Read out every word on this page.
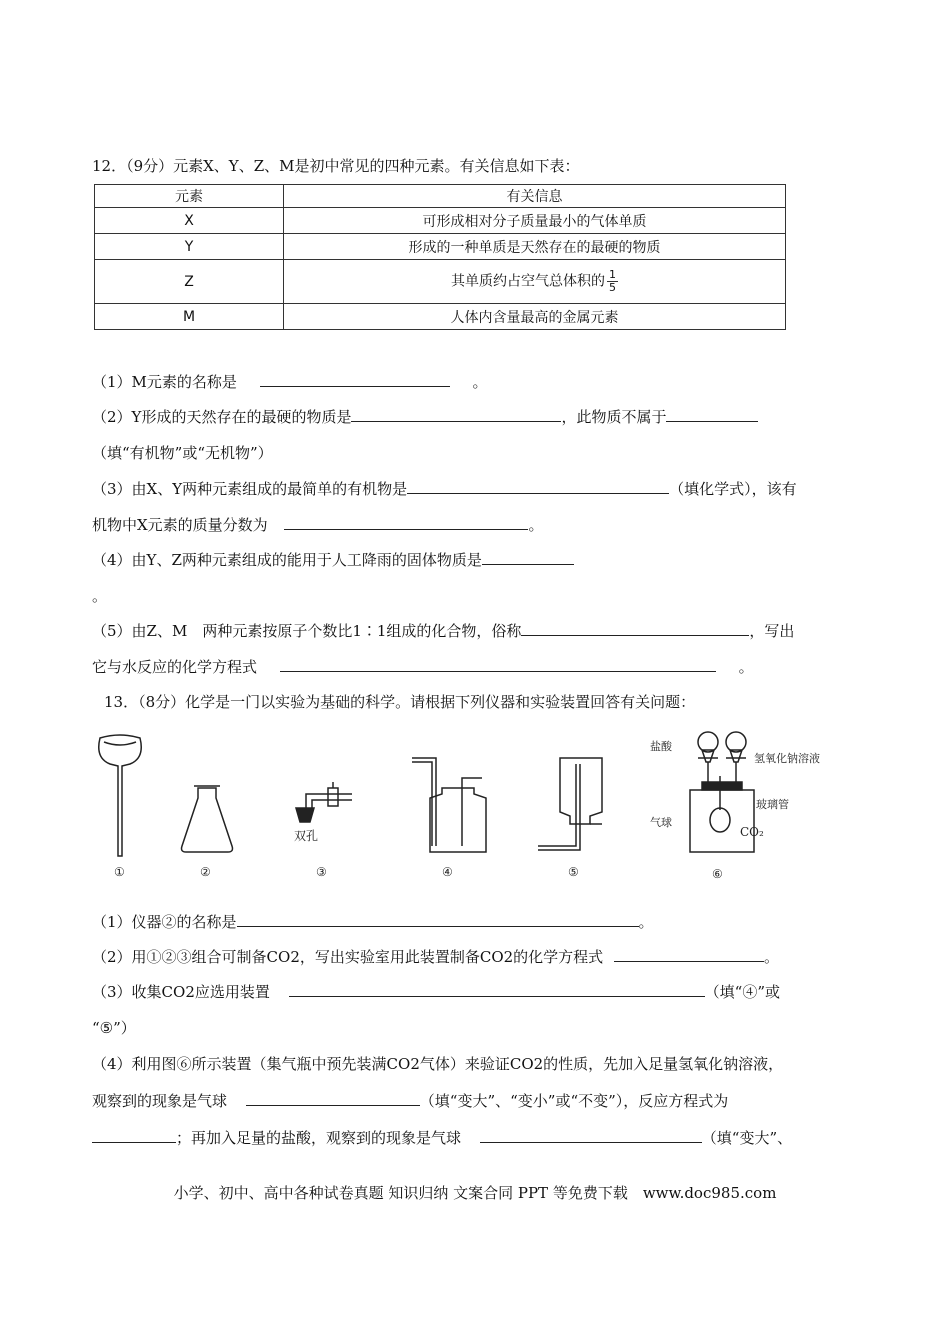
12．（9分）元素X、Y、Z、M是初中常见的四种元素。有关信息如下表：
元素	有关信息
X	可形成相对分子质量最小的气体单质
Y	形成的一种单质是天然存在的最硬的物质
Z	其单质约占空气总体积的 $\frac{1}{5}$

M	人体内含量最高的金属元素
（1）M元素的名称是	。
（2）Y形成的天然存在的最硬的物质是	，此物质不属于
（填“有机物”或“无机物”）
（3）由X、Y两种元素组成的最简单的有机物是	（填化学式），该有
机物中X元素的质量分数为	。
（4）由Y、Z两种元素组成的能用于人工降雨的固体物质是
。
（5）由Z、M　两种元素按原子个数比1∶1组成的化合物，俗称	，写出
它与水反应的化学方程式	。
13．（8分）化学是一门以实验为基础的科学。请根据下列仪器和实验装置回答有关问题：
①	②
双孔
③	④	⑤
盐酸
氢氧化钠溶液
玻璃管
气球
CO₂
⑥
（1）仪器②的名称是	。
（2）用①②③组合可制备CO2，写出实验室用此装置制备CO2的化学方程式	。
（3）收集CO2应选用装置	（填“④”或
“⑤”）
（4）利用图⑥所示装置（集气瓶中预先装满CO2气体）来验证CO2的性质，先加入足量氢氧化钠溶液，
观察到的现象是气球	（填“变大”、“变小”或“不变”），反应方程式为
；再加入足量的盐酸，观察到的现象是气球	（填“变大”、
小学、初中、高中各种试卷真题 知识归纳 文案合同 PPT 等免费下载　www.doc985.com
